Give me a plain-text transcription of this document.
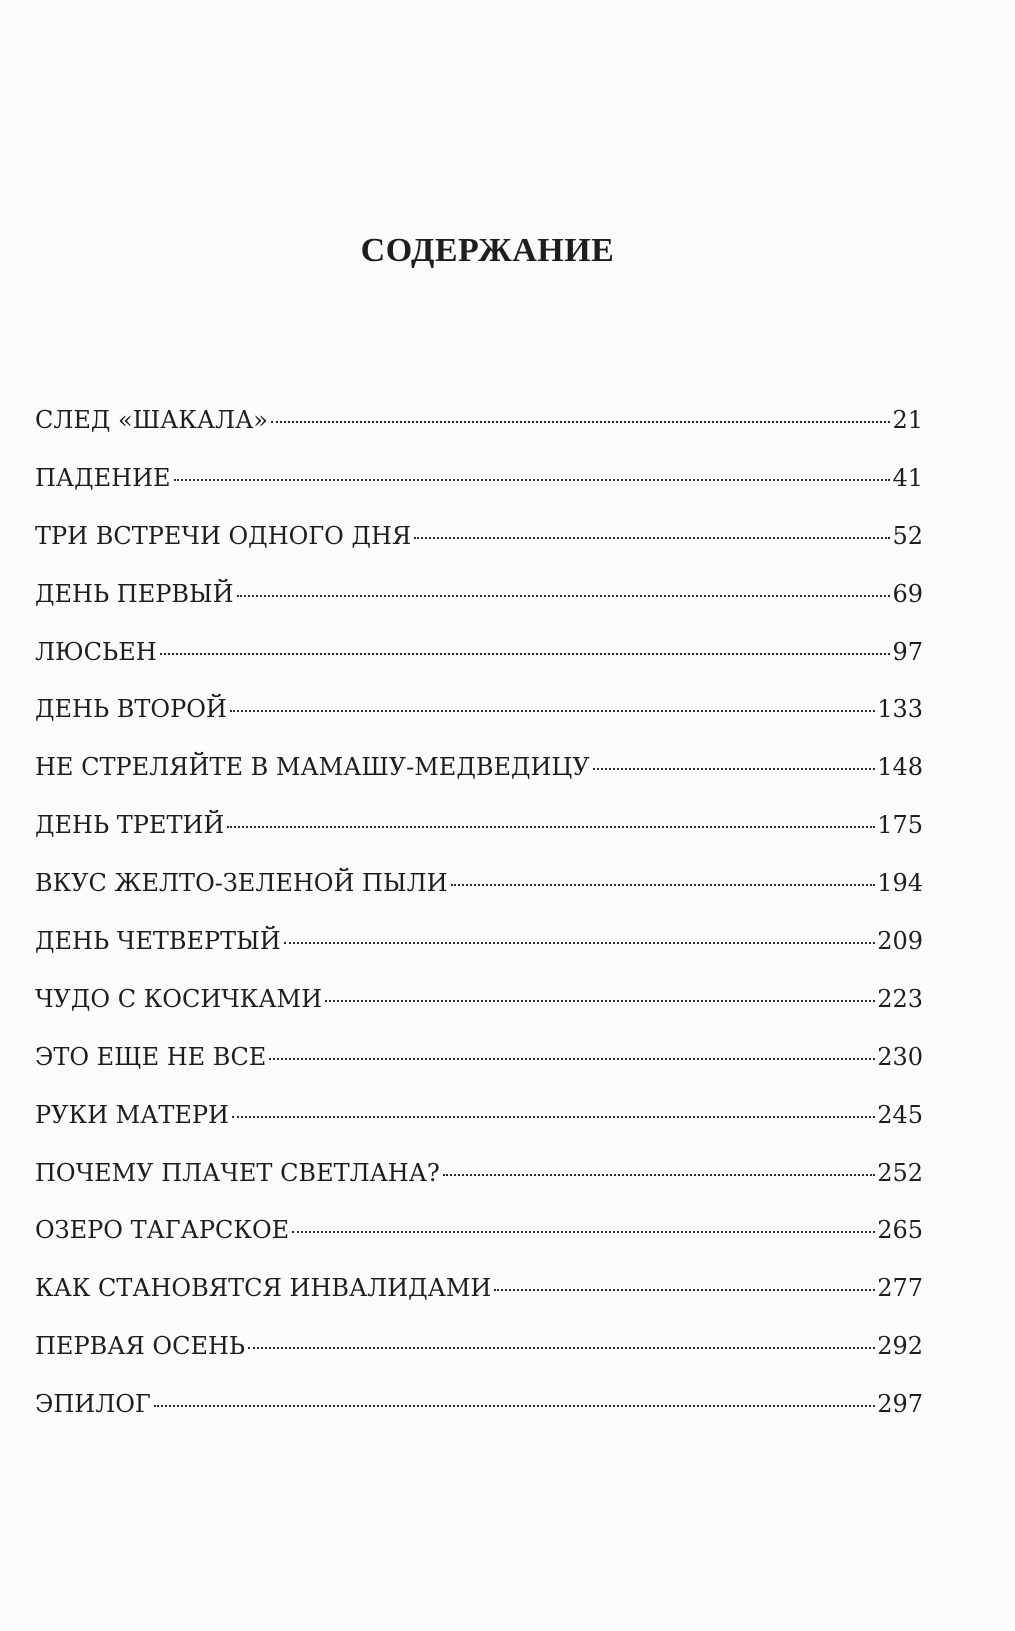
СОДЕРЖАНИЕ
СЛЕД «ШАКАЛА»	21
ПАДЕНИЕ	41
ТРИ ВСТРЕЧИ ОДНОГО ДНЯ	52
ДЕНЬ ПЕРВЫЙ	69
ЛЮСЬЕН	97
ДЕНЬ ВТОРОЙ	133
НЕ СТРЕЛЯЙТЕ В МАМАШУ-МЕДВЕДИЦУ	148
ДЕНЬ ТРЕТИЙ	175
ВКУС ЖЕЛТО-ЗЕЛЕНОЙ ПЫЛИ	194
ДЕНЬ ЧЕТВЕРТЫЙ	209
ЧУДО С КОСИЧКАМИ	223
ЭТО ЕЩЕ НЕ ВСЕ	230
РУКИ МАТЕРИ	245
ПОЧЕМУ ПЛАЧЕТ СВЕТЛАНА?	252
ОЗЕРО ТАГАРСКОЕ	265
КАК СТАНОВЯТСЯ ИНВАЛИДАМИ	277
ПЕРВАЯ ОСЕНЬ	292
ЭПИЛОГ	297
